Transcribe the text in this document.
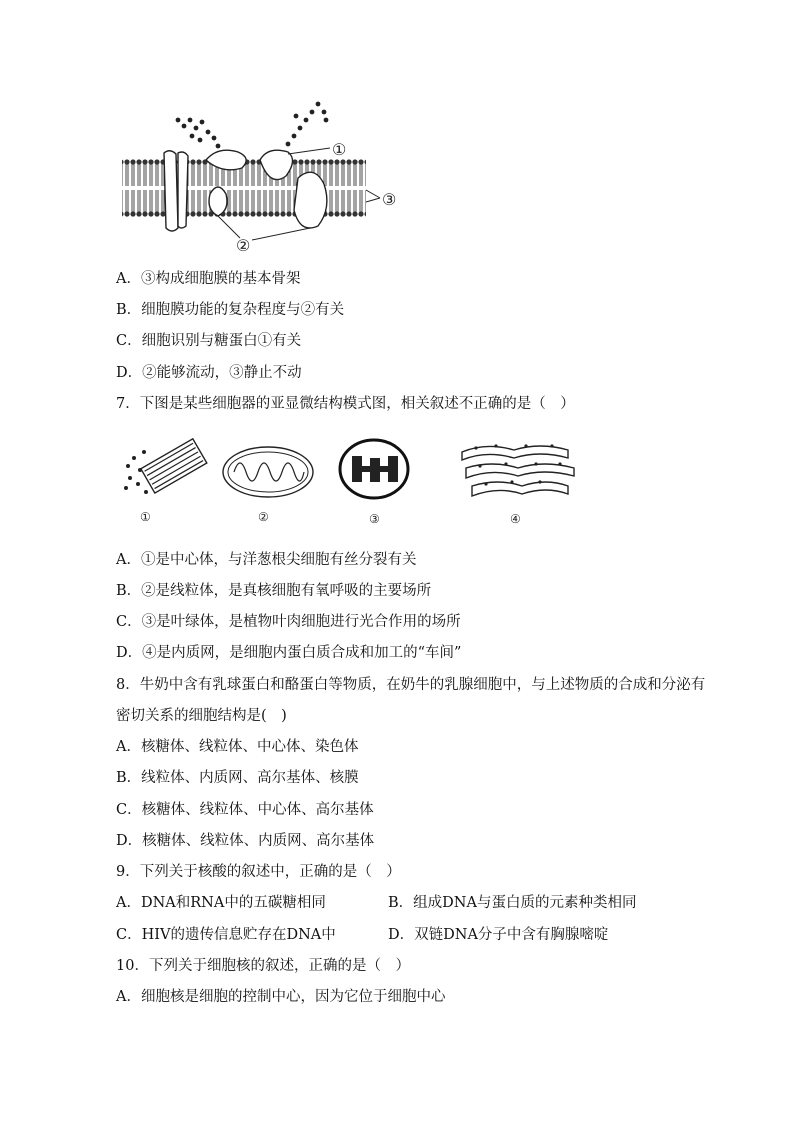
①
③
②
A．③构成细胞膜的基本骨架
B．细胞膜功能的复杂程度与②有关
C．细胞识别与糖蛋白①有关
D．②能够流动，③静止不动
7．下图是某些细胞器的亚显微结构模式图，相关叙述不正确的是（　）
①	②	③	④
A．①是中心体，与洋葱根尖细胞有丝分裂有关
B．②是线粒体，是真核细胞有氧呼吸的主要场所
C．③是叶绿体，是植物叶肉细胞进行光合作用的场所
D．④是内质网，是细胞内蛋白质合成和加工的“车间”
8．牛奶中含有乳球蛋白和酪蛋白等物质，在奶牛的乳腺细胞中，与上述物质的合成和分泌有
密切关系的细胞结构是(　)
A．核糖体、线粒体、中心体、染色体
B．线粒体、内质网、高尔基体、核膜
C．核糖体、线粒体、中心体、高尔基体
D．核糖体、线粒体、内质网、高尔基体
9．下列关于核酸的叙述中，正确的是（　）
A．DNA和RNA中的五碳糖相同	B．组成DNA与蛋白质的元素种类相同
C．HIV的遗传信息贮存在DNA中	D．双链DNA分子中含有胸腺嘧啶
10．下列关于细胞核的叙述，正确的是（　）
A．细胞核是细胞的控制中心，因为它位于细胞中心
